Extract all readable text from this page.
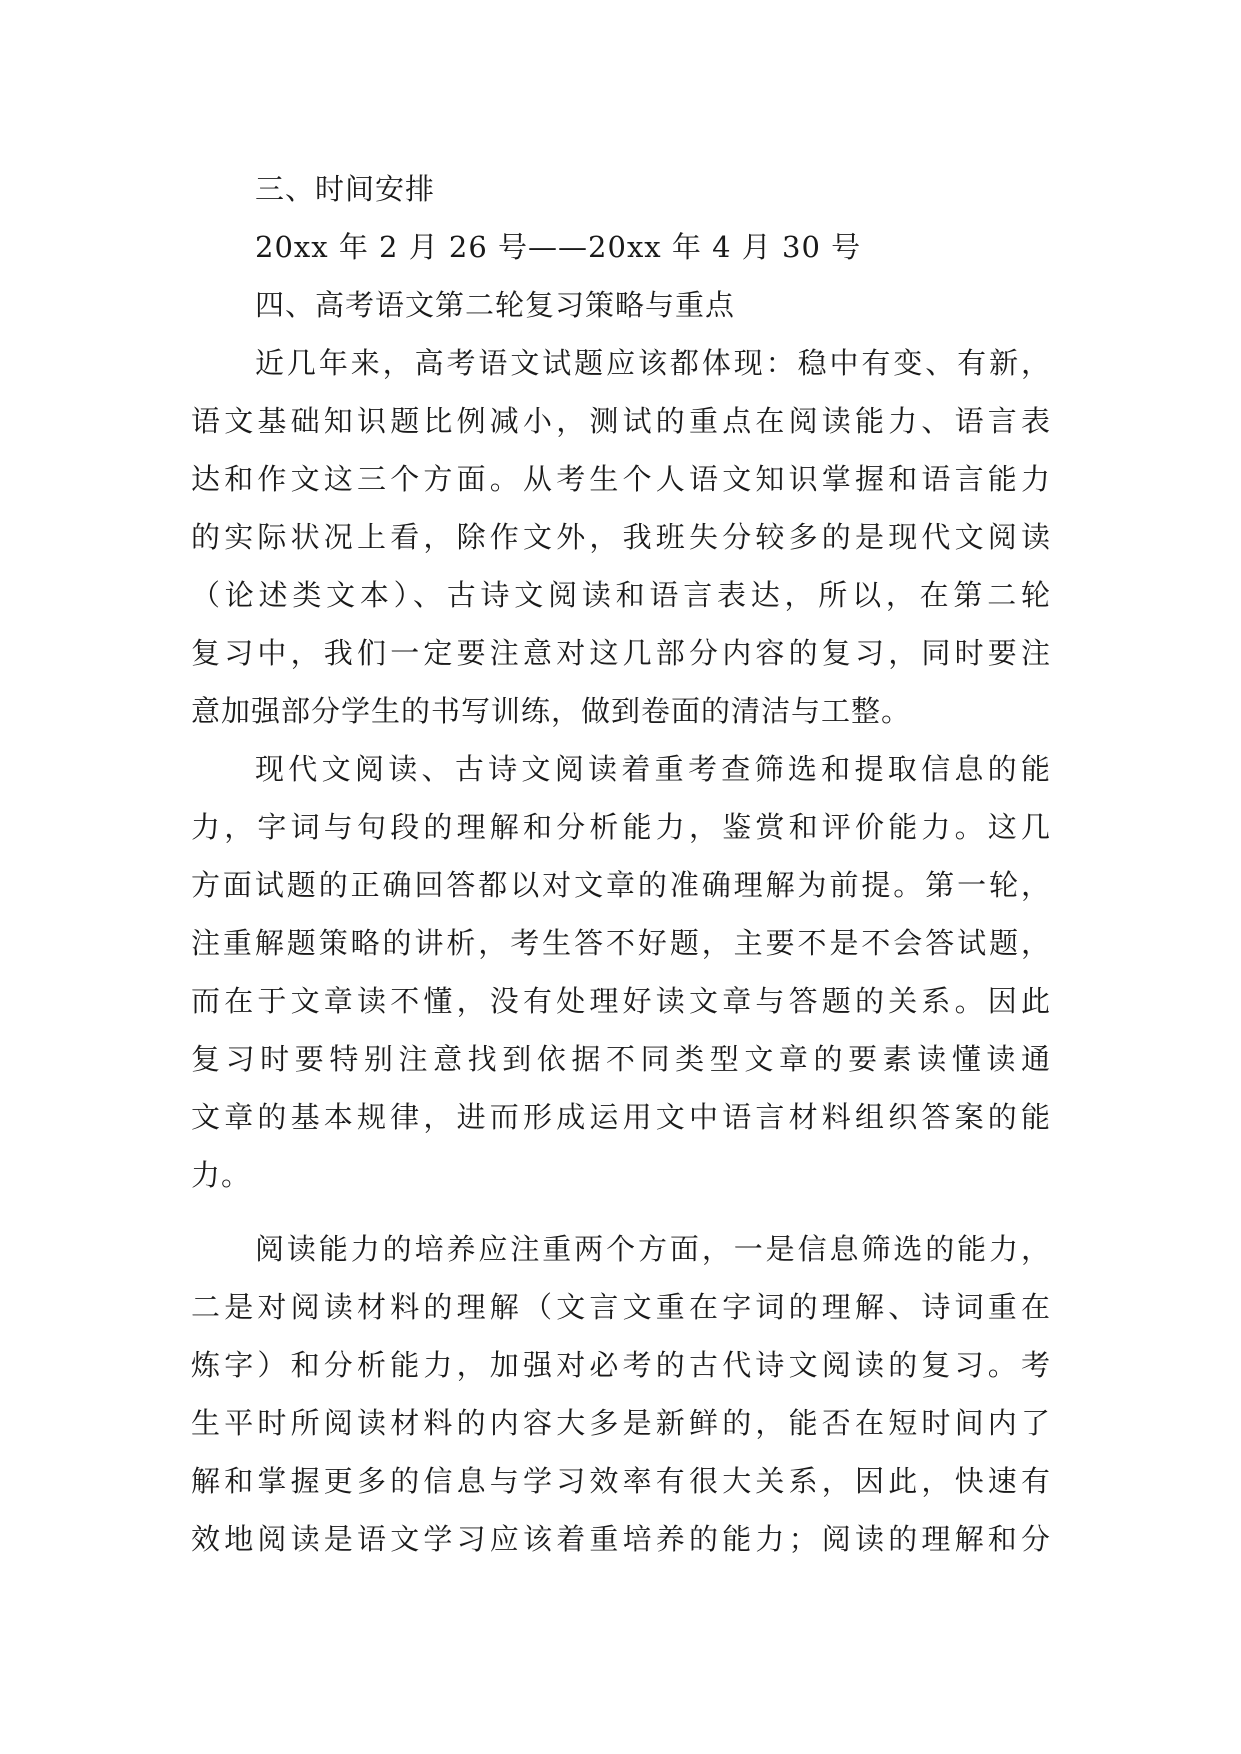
三、时间安排
20xx 年 2 月 26 号——20xx 年 4 月 30 号
四、高考语文第二轮复习策略与重点
近几年来，高考语文试题应该都体现：稳中有变、有新，
语文基础知识题比例减小，测试的重点在阅读能力、语言表
达和作文这三个方面。从考生个人语文知识掌握和语言能力
的实际状况上看，除作文外，我班失分较多的是现代文阅读
（论述类文本）、古诗文阅读和语言表达，所以，在第二轮
复习中，我们一定要注意对这几部分内容的复习，同时要注
意加强部分学生的书写训练，做到卷面的清洁与工整。
现代文阅读、古诗文阅读着重考查筛选和提取信息的能
力，字词与句段的理解和分析能力，鉴赏和评价能力。这几
方面试题的正确回答都以对文章的准确理解为前提。第一轮，
注重解题策略的讲析，考生答不好题，主要不是不会答试题，
而在于文章读不懂，没有处理好读文章与答题的关系。因此
复习时要特别注意找到依据不同类型文章的要素读懂读通
文章的基本规律，进而形成运用文中语言材料组织答案的能
力。
阅读能力的培养应注重两个方面，一是信息筛选的能力，
二是对阅读材料的理解（文言文重在字词的理解、诗词重在
炼字）和分析能力，加强对必考的古代诗文阅读的复习。考
生平时所阅读材料的内容大多是新鲜的，能否在短时间内了
解和掌握更多的信息与学习效率有很大关系，因此，快速有
效地阅读是语文学习应该着重培养的能力；阅读的理解和分
